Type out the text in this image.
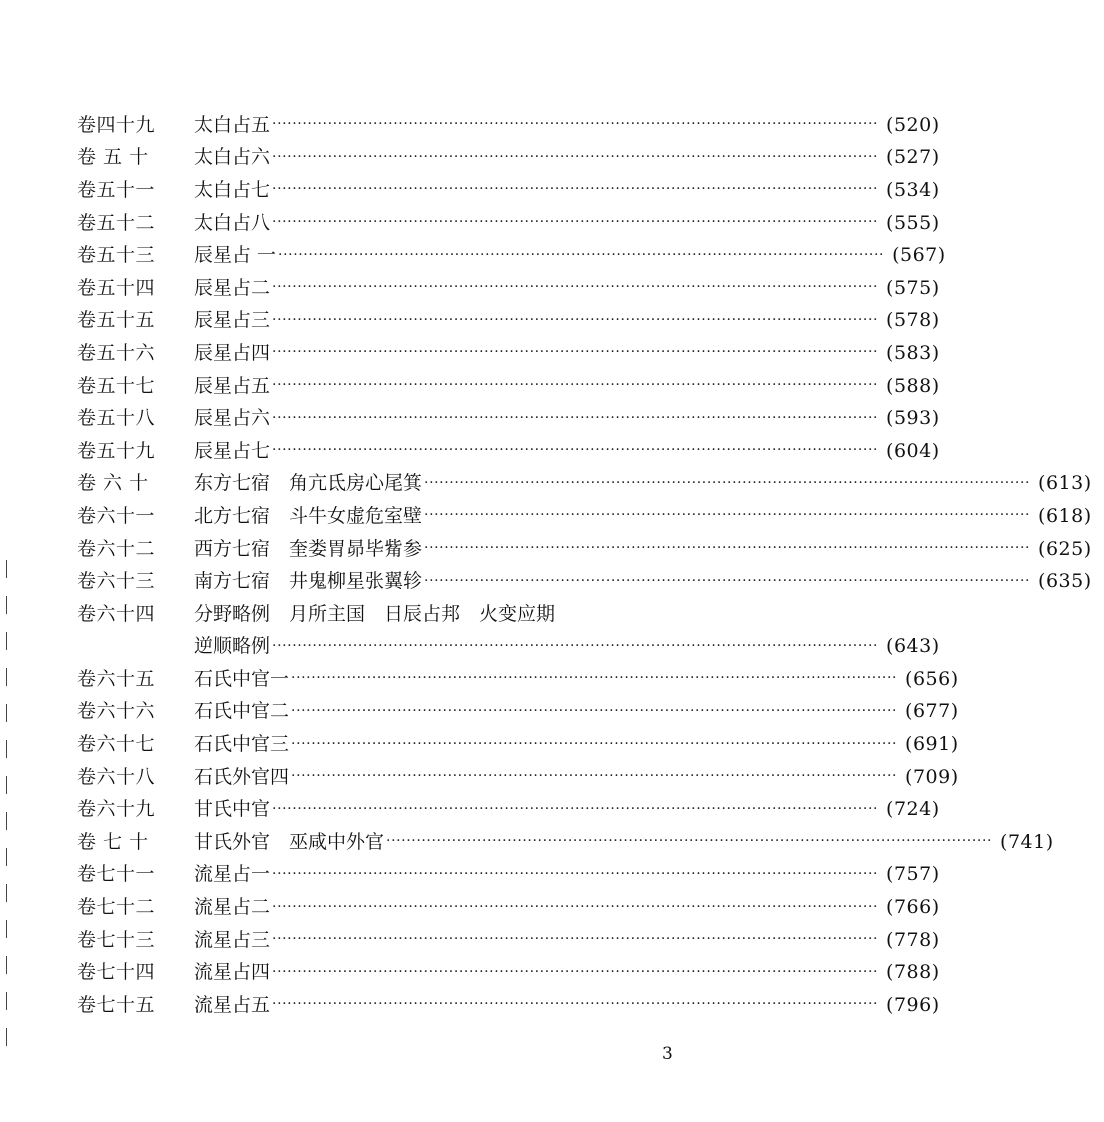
卷四十九	太白占五 ························································································································ (520)
卷 五 十	太白占六 ························································································································ (527)
卷五十一	太白占七 ························································································································ (534)
卷五十二	太白占八 ························································································································ (555)
卷五十三	辰星占 一 ························································································································ (567)
卷五十四	辰星占二 ························································································································ (575)
卷五十五	辰星占三 ························································································································ (578)
卷五十六	辰星占四 ························································································································ (583)
卷五十七	辰星占五 ························································································································ (588)
卷五十八	辰星占六 ························································································································ (593)
卷五十九	辰星占七 ························································································································ (604)
卷 六 十	东方七宿　角亢氐房心尾箕 ························································································································ (613)
卷六十一	北方七宿　斗牛女虚危室壁 ························································································································ (618)
卷六十二	西方七宿　奎娄胃昴毕觜参 ························································································································ (625)
卷六十三	南方七宿　井鬼柳星张翼轸 ························································································································ (635)
卷六十四	分野略例　月所主国　日辰占邦　火变应期
逆顺略例 ························································································································ (643)
卷六十五	石氏中官一 ························································································································ (656)
卷六十六	石氏中官二 ························································································································ (677)
卷六十七	石氏中官三 ························································································································ (691)
卷六十八	石氏外官四 ························································································································ (709)
卷六十九	甘氏中官 ························································································································ (724)
卷 七 十	甘氏外官　巫咸中外官 ························································································································ (741)
卷七十一	流星占一 ························································································································ (757)
卷七十二	流星占二 ························································································································ (766)
卷七十三	流星占三 ························································································································ (778)
卷七十四	流星占四 ························································································································ (788)
卷七十五	流星占五 ························································································································ (796)
3
